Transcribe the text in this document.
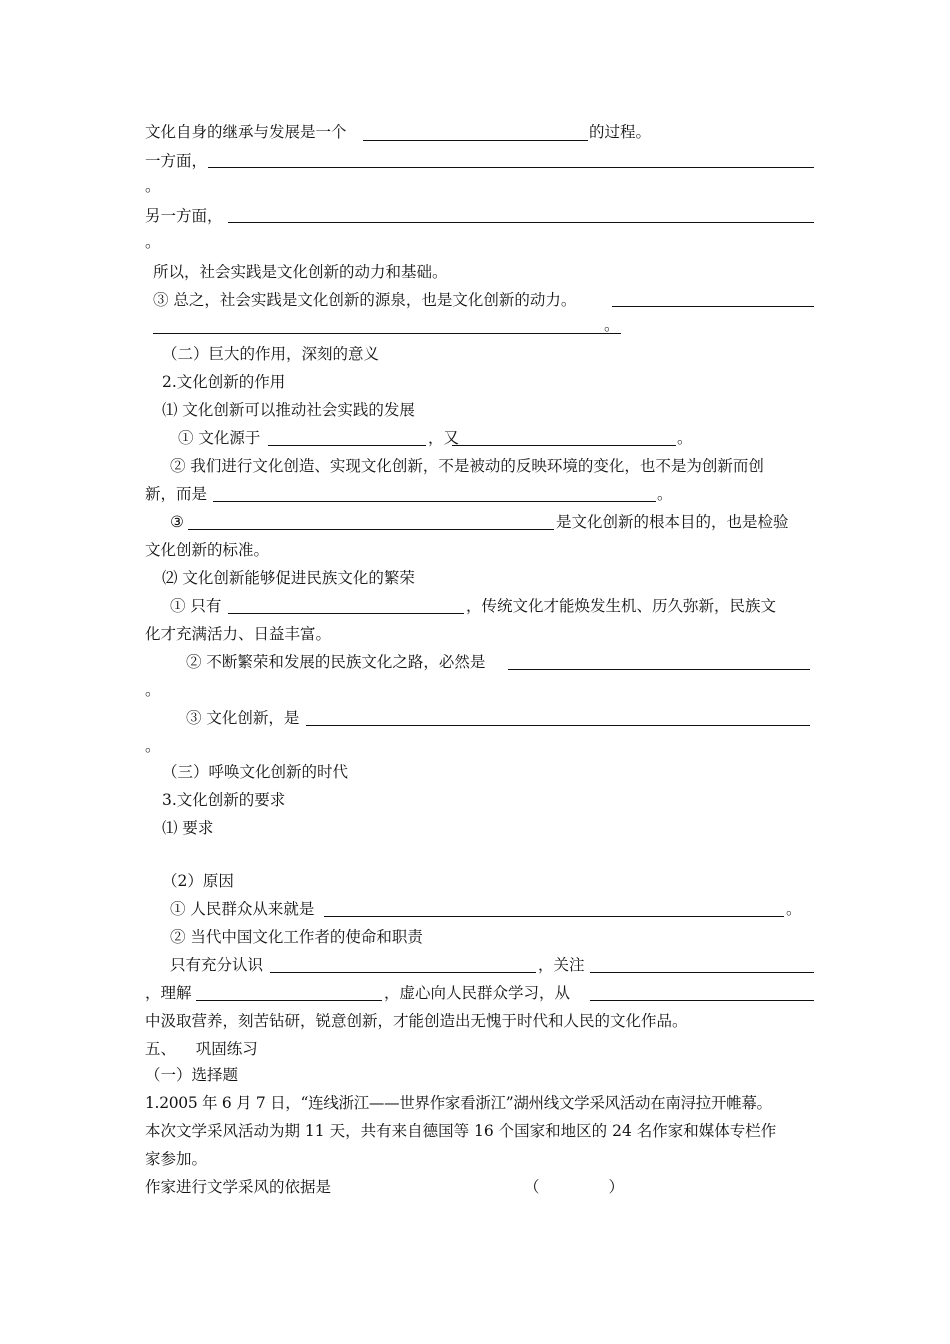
文化自身的继承与发展是一个	的过程。
一方面，
。
另一方面，
。
所以，社会实践是文化创新的动力和基础。
③ 总之，社会实践是文化创新的源泉，也是文化创新的动力。
。
（二）巨大的作用，深刻的意义
2.文化创新的作用
⑴ 文化创新可以推动社会实践的发展
① 文化源于	，又	。
② 我们进行文化创造、实现文化创新，不是被动的反映环境的变化，也不是为创新而创
新，而是	。
③	是文化创新的根本目的，也是检验
文化创新的标准。
⑵ 文化创新能够促进民族文化的繁荣
① 只有	，传统文化才能焕发生机、历久弥新，民族文
化才充满活力、日益丰富。
② 不断繁荣和发展的民族文化之路，必然是
。
③ 文化创新，是
。
（三）呼唤文化创新的时代
3.文化创新的要求
⑴ 要求
（2）原因
① 人民群众从来就是	。
② 当代中国文化工作者的使命和职责
只有充分认识	，关注
，理解	，虚心向人民群众学习，从
中汲取营养，刻苦钻研，锐意创新，才能创造出无愧于时代和人民的文化作品。
五、    巩固练习
（一）选择题
1.2005 年 6 月 7 日，“连线浙江——世界作家看浙江”湖州线文学采风活动在南浔拉开帷幕。
本次文学采风活动为期 11 天，共有来自德国等 16 个国家和地区的 24 名作家和媒体专栏作
家参加。
作家进行文学采风的依据是	（              ）
